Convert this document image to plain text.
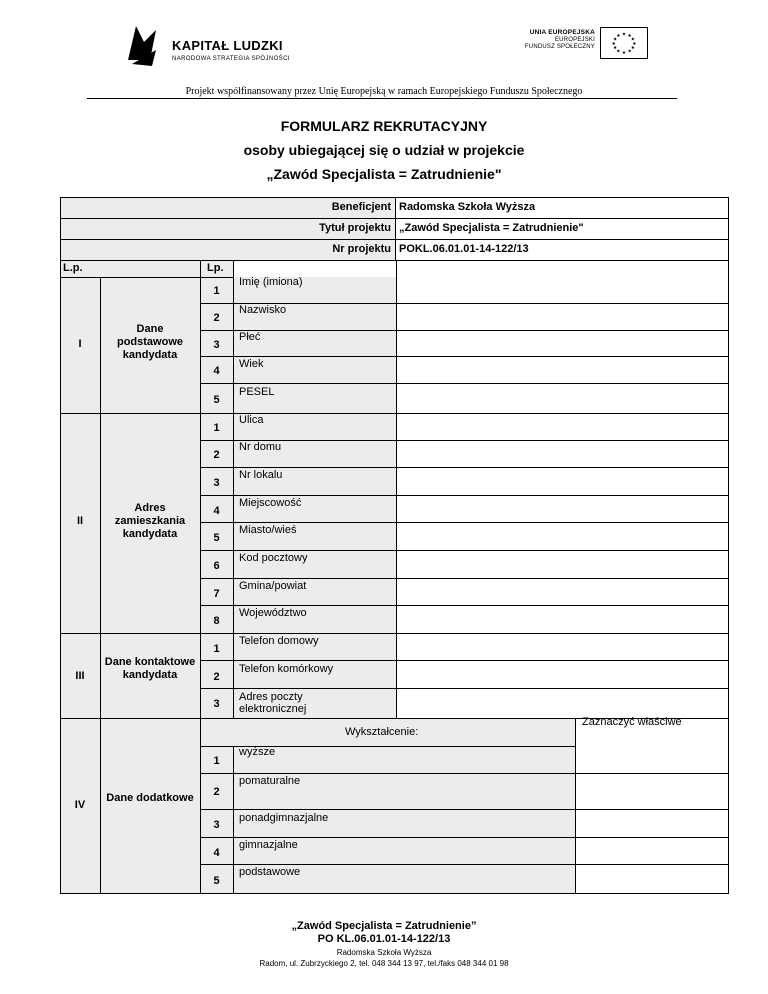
KAPITAŁ LUDZKI
NARODOWA STRATEGIA SPÓJNOŚCI
UNIA EUROPEJSKA
EUROPEJSKI
FUNDUSZ SPOŁECZNY
★ ★
★
★
★
★
★
★
★
★
★
★
Projekt współfinansowany przez Unię Europejską w ramach Europejskiego Funduszu Społecznego
FORMULARZ REKRUTACYJNY
osoby ubiegającej się o udział w projekcie
„Zawód Specjalista = Zatrudnienie"
Beneficjent Radomska Szkoła Wyższa
Tytuł projektu „Zawód Specjalista = Zatrudnienie"
Nr projektu POKL.06.01.01-14-122/13
L.p.	Lp.
I
Dane podstawowe kandydata
1
Imię (imiona)
2
Nazwisko
3
Płeć
4
Wiek
5
PESEL
II
Adres zamieszkania kandydata
1
Ulica
2
Nr domu
3
Nr lokalu
4
Miejscowość
5
Miasto/wieś
6
Kod pocztowy
7
Gmina/powiat
8
Województwo
III
Dane kontaktowe kandydata
1
Telefon domowy
2
Telefon komórkowy
3
Adres poczty elektronicznej
IV
Dane dodatkowe
Wykształcenie:
Zaznaczyć właściwe
1
wyższe
2
pomaturalne
3
ponadgimnazjalne
4
gimnazjalne
5
podstawowe
„Zawód Specjalista = Zatrudnienie”
PO KL.06.01.01-14-122/13
Radomska Szkoła Wyższa
Radom, ul. Zubrzyckiego 2, tel. 048 344 13 97, tel./faks 048 344 01 98
